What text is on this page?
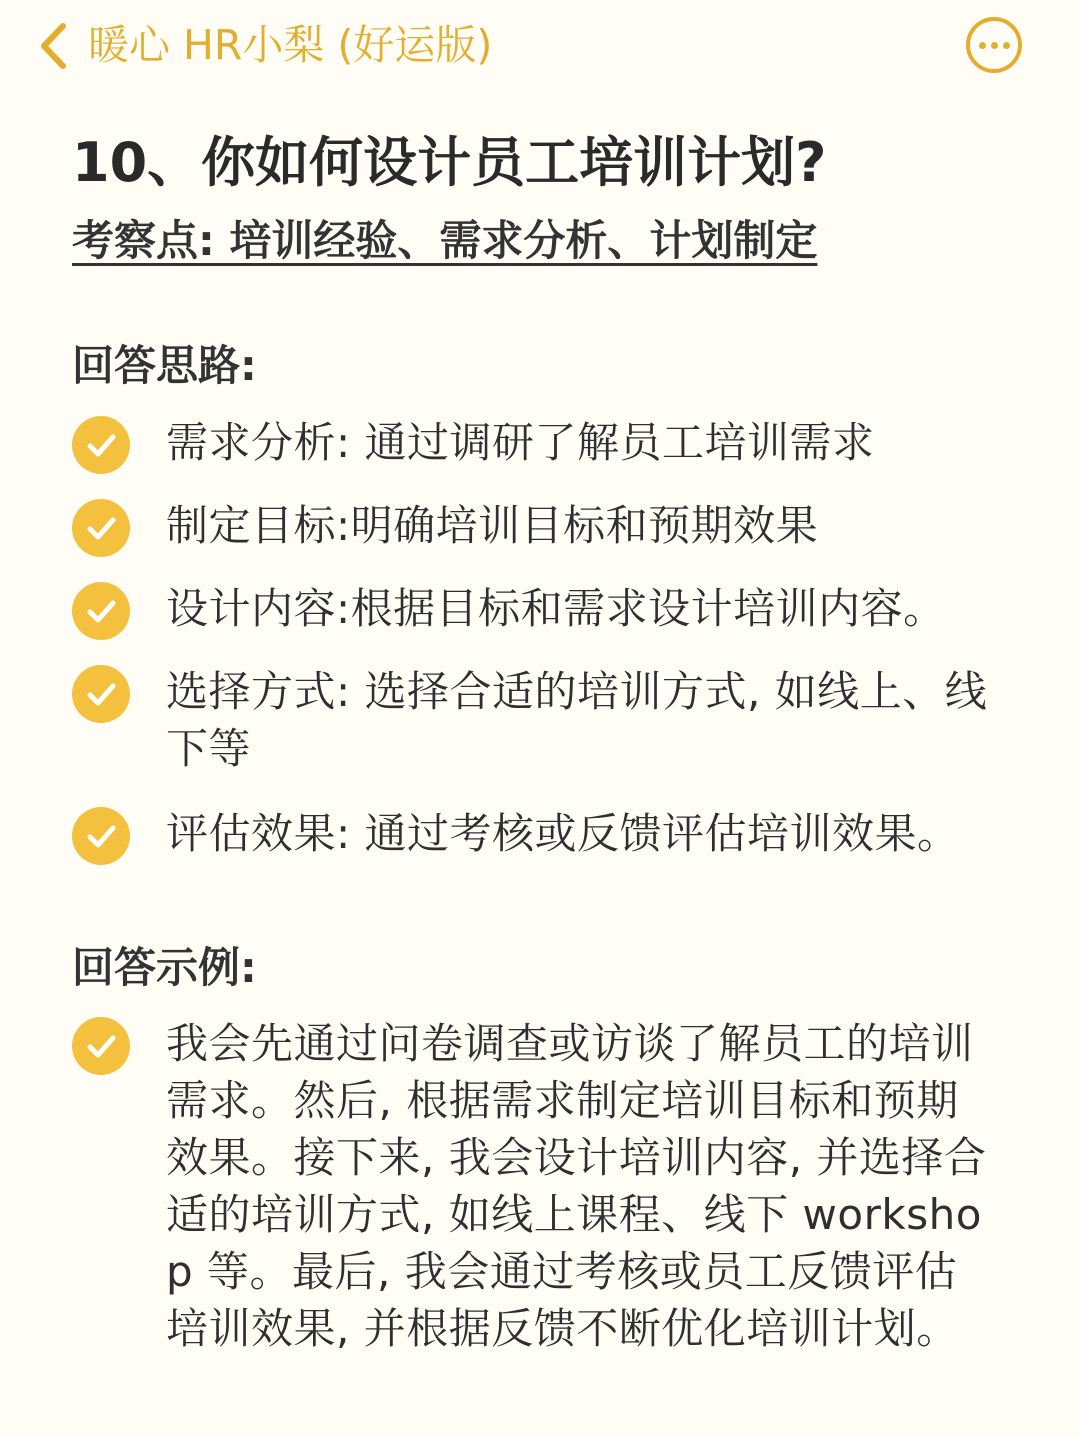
暖心 HR小梨 (好运版)
10、你如何设计员工培训计划?
考察点: 培训经验、需求分析、计划制定
回答思路:
需求分析: 通过调研了解员工培训需求
制定目标:明确培训目标和预期效果
设计内容:根据目标和需求设计培训内容。
选择方式: 选择合适的培训方式, 如线上、线下等
评估效果: 通过考核或反馈评估培训效果。
回答示例:
我会先通过问卷调查或访谈了解员工的培训需求。然后, 根据需求制定培训目标和预期效果。接下来, 我会设计培训内容, 并选择合适的培训方式, 如线上课程、线下 workshop 等。最后, 我会通过考核或员工反馈评估培训效果, 并根据反馈不断优化培训计划。
